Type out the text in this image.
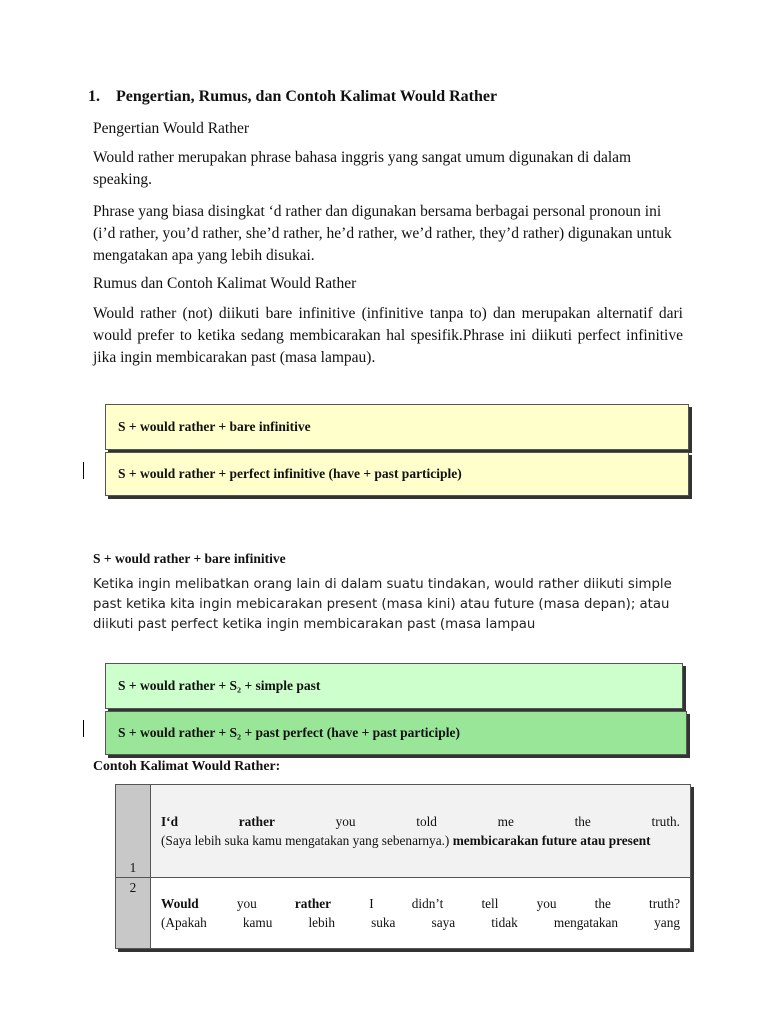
1. Pengertian, Rumus, dan Contoh Kalimat Would Rather
Pengertian Would Rather
Would rather merupakan phrase bahasa inggris yang sangat umum digunakan di dalam speaking.
Phrase yang biasa disingkat ‘d rather dan digunakan bersama berbagai personal pronoun ini (i’d rather, you’d rather, she’d rather, he’d rather, we’d rather, they’d rather) digunakan untuk mengatakan apa yang lebih disukai.
Rumus dan Contoh Kalimat Would Rather
Would rather (not) diikuti bare infinitive (infinitive tanpa to) dan merupakan alternatif dari would prefer to ketika sedang membicarakan hal spesifik.Phrase ini diikuti perfect infinitive jika ingin membicarakan past (masa lampau).
S + would rather + bare infinitive
S + would rather + perfect infinitive (have + past participle)
S + would rather + bare infinitive
Ketika ingin melibatkan orang lain di dalam suatu tindakan, would rather diikuti simple past ketika kita ingin mebicarakan present (masa kini) atau future (masa depan); atau diikuti past perfect ketika ingin membicarakan past (masa lampau
S + would rather + S₂ + simple past
S + would rather + S₂ + past perfect (have + past participle)
Contoh Kalimat Would Rather:
1	I‘d rather you told me the truth.
(Saya lebih suka kamu mengatakan yang sebenarnya.) membicarakan future atau present

2	Would you rather I didn’t tell you the truth?
(Apakah kamu lebih suka saya tidak mengatakan yang
